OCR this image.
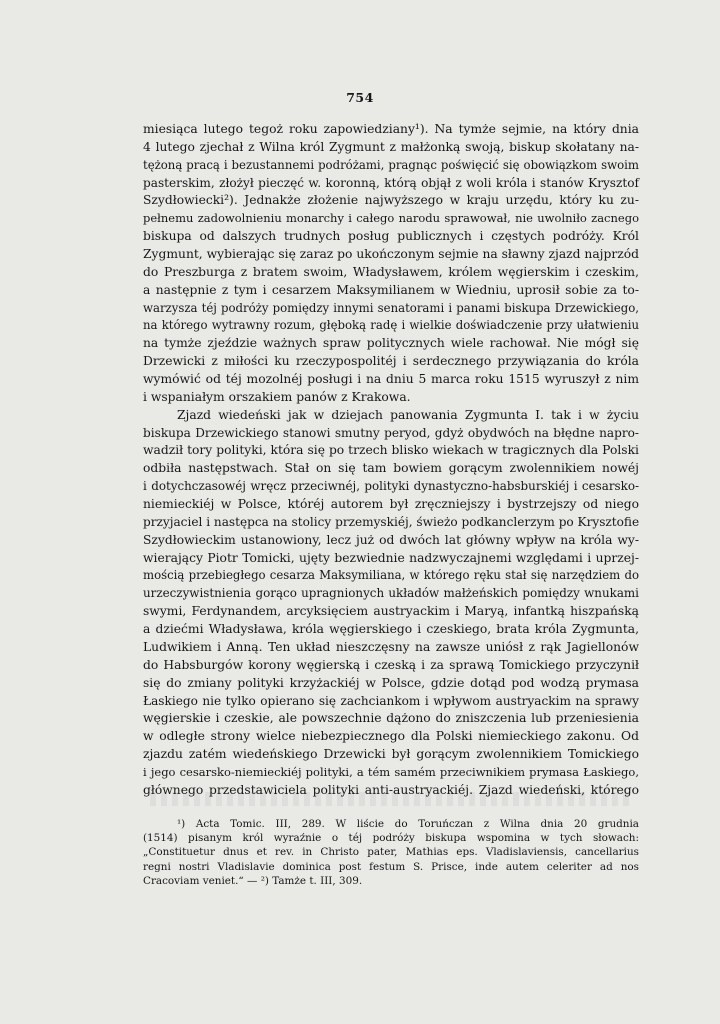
754
miesiąca lutego tegoż roku zapowiedziany¹). Na tymże sejmie, na który dnia
4 lutego zjechał z Wilna król Zygmunt z małżonką swoją, biskup skołatany na-
tężoną pracą i bezustannemi podróżami, pragnąc poświęcić się obowiązkom swoim
pasterskim, złożył pieczęć w. koronną, którą objął z woli króla i stanów Krysztof
Szydłowiecki²). Jednakże złożenie najwyższego w kraju urzędu, który ku zu-
pełnemu zadowolnieniu monarchy i całego narodu sprawował, nie uwolniło zacnego
biskupa od dalszych trudnych posług publicznych i częstych podróży. Król
Zygmunt, wybierając się zaraz po ukończonym sejmie na sławny zjazd najprzód
do Preszburga z bratem swoim, Władysławem, królem węgierskim i czeskim,
a następnie z tym i cesarzem Maksymilianem w Wiedniu, uprosił sobie za to-
warzysza téj podróży pomiędzy innymi senatorami i panami biskupa Drzewickiego,
na którego wytrawny rozum, głęboką radę i wielkie doświadczenie przy ułatwieniu
na tymże zjeździe ważnych spraw politycznych wiele rachował. Nie mógł się
Drzewicki z miłości ku rzeczypospolitéj i serdecznego przywiązania do króla
wymówić od téj mozolnéj posługi i na dniu 5 marca roku 1515 wyruszył z nim
i wspaniałym orszakiem panów z Krakowa.
Zjazd wiedeński jak w dziejach panowania Zygmunta I. tak i w życiu
biskupa Drzewickiego stanowi smutny peryod, gdyż obydwóch na błędne napro-
wadził tory polityki, która się po trzech blisko wiekach w tragicznych dla Polski
odbiła następstwach. Stał on się tam bowiem gorącym zwolennikiem nowéj
i dotychczasowéj wręcz przeciwnéj, polityki dynastyczno-habsburskiéj i cesarsko-
niemieckiéj w Polsce, któréj autorem był zręczniejszy i bystrzejszy od niego
przyjaciel i następca na stolicy przemyskiéj, świeżo podkanclerzym po Krysztofie
Szydłowieckim ustanowiony, lecz już od dwóch lat główny wpływ na króla wy-
wierający Piotr Tomicki, ujęty bezwiednie nadzwyczajnemi względami i uprzej-
mością przebiegłego cesarza Maksymiliana, w którego ręku stał się narzędziem do
urzeczywistnienia gorąco upragnionych układów małżeńskich pomiędzy wnukami
swymi, Ferdynandem, arcyksięciem austryackim i Maryą, infantką hiszpańską
a dziećmi Władysława, króla węgierskiego i czeskiego, brata króla Zygmunta,
Ludwikiem i Anną. Ten układ nieszczęsny na zawsze uniósł z rąk Jagiellonów
do Habsburgów korony węgierską i czeską i za sprawą Tomickiego przyczynił
się do zmiany polityki krzyżackiéj w Polsce, gdzie dotąd pod wodzą prymasa
Łaskiego nie tylko opierano się zachciankom i wpływom austryackim na sprawy
węgierskie i czeskie, ale powszechnie dążono do zniszczenia lub przeniesienia
w odległe strony wielce niebezpiecznego dla Polski niemieckiego zakonu. Od
zjazdu zatém wiedeńskiego Drzewicki był gorącym zwolennikiem Tomickiego
i jego cesarsko-niemieckiéj polityki, a tém samém przeciwnikiem prymasa Łaskiego,
głównego przedstawiciela polityki anti-austryackiéj. Zjazd wiedeński, którego
¹) Acta Tomic. III, 289. W liście do Toruńczan z Wilna dnia 20 grudnia
(1514) pisanym król wyraźnie o téj podróży biskupa wspomina w tych słowach:
„Constituetur dnus et rev. in Christo pater, Mathias eps. Vladislaviensis, cancellarius
regni nostri Vladislavie dominica post festum S. Prisce, inde autem celeriter ad nos
Cracoviam veniet.“ — ²) Tamże t. III, 309.
